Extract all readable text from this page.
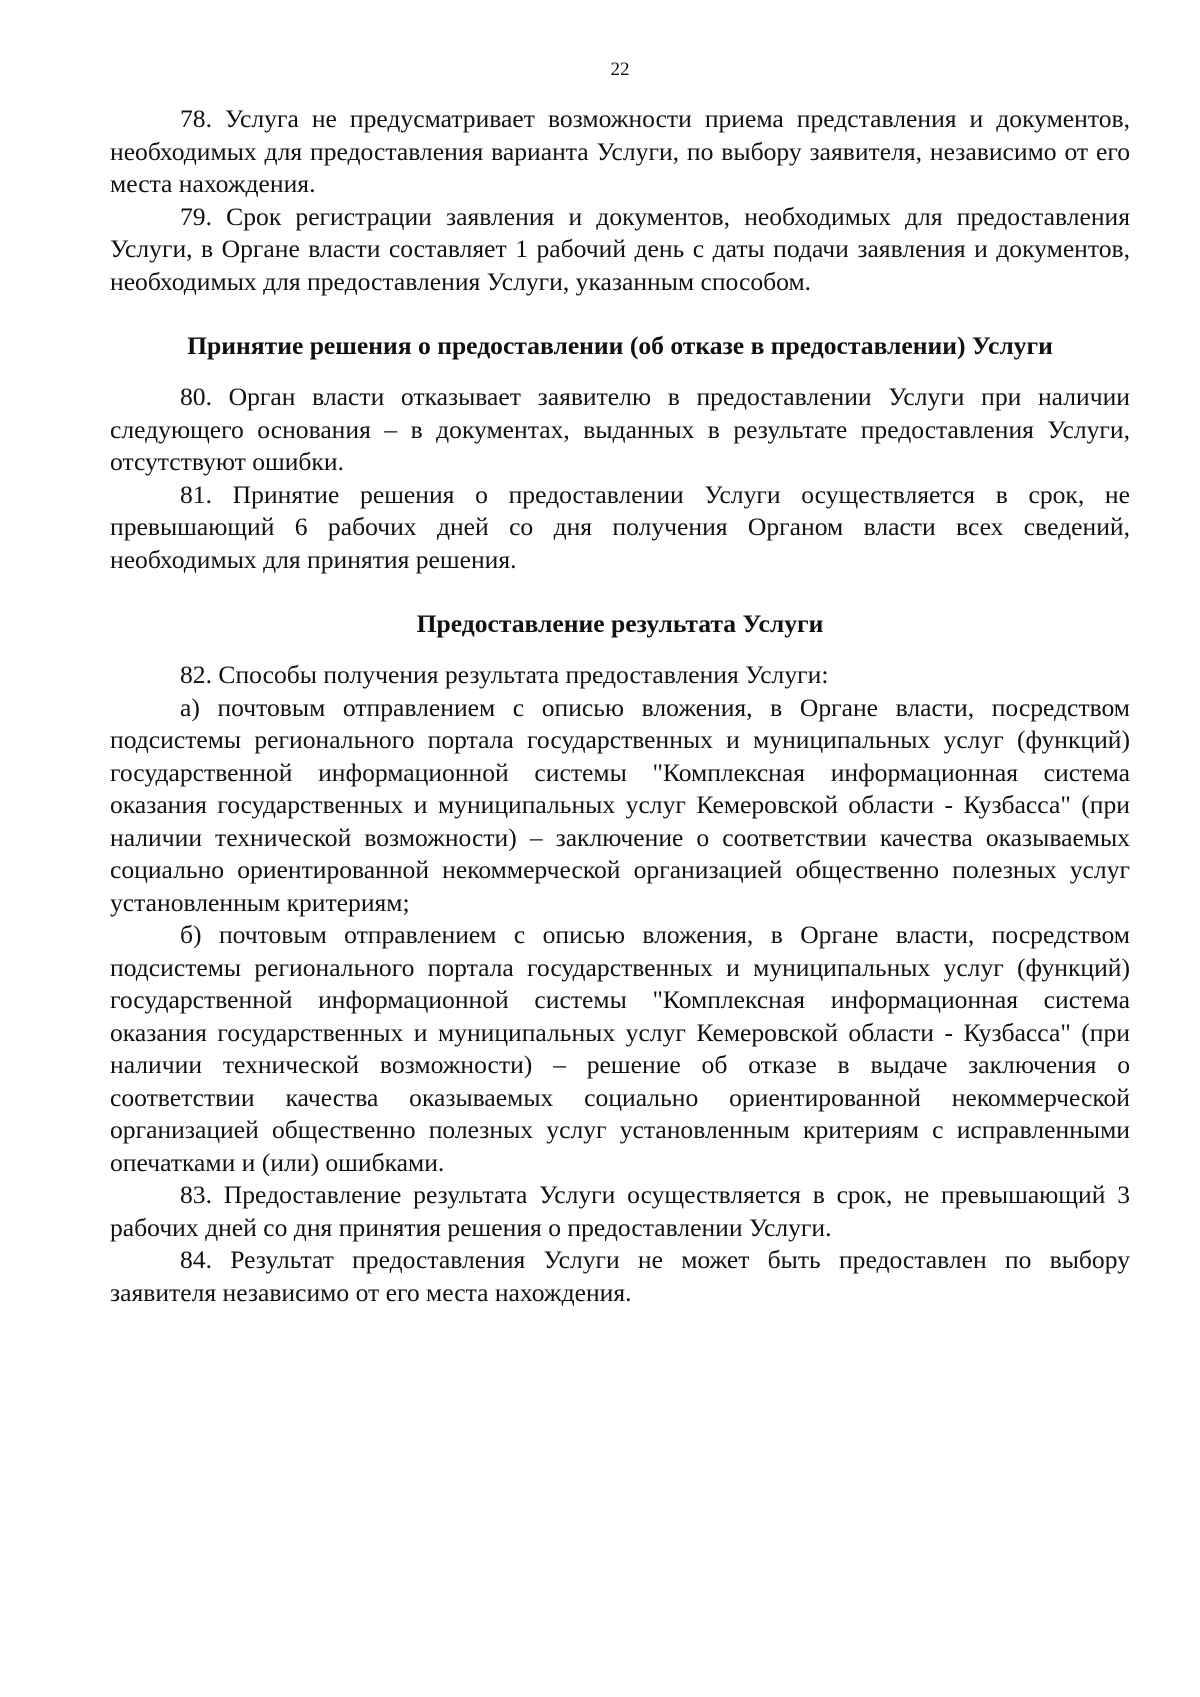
22

78. Услуга не предусматривает возможности приема представления и документов, необходимых для предоставления варианта Услуги, по выбору заявителя, независимо от его места нахождения.

79. Срок регистрации заявления и документов, необходимых для предоставления Услуги, в Органе власти составляет 1 рабочий день с даты подачи заявления и документов, необходимых для предоставления Услуги, указанным способом.

Принятие решения о предоставлении (об отказе в предоставлении) Услуги

80. Орган власти отказывает заявителю в предоставлении Услуги при наличии следующего основания – в документах, выданных в результате предоставления Услуги, отсутствуют ошибки.

81. Принятие решения о предоставлении Услуги осуществляется в срок, не превышающий 6 рабочих дней со дня получения Органом власти всех сведений, необходимых для принятия решения.

Предоставление результата Услуги

82. Способы получения результата предоставления Услуги:

а) почтовым отправлением с описью вложения, в Органе власти, посредством подсистемы регионального портала государственных и муниципальных услуг (функций) государственной информационной системы "Комплексная информационная система оказания государственных и муниципальных услуг Кемеровской области - Кузбасса" (при наличии технической возможности) – заключение о соответствии качества оказываемых социально ориентированной некоммерческой организацией общественно полезных услуг установленным критериям;

б) почтовым отправлением с описью вложения, в Органе власти, посредством подсистемы регионального портала государственных и муниципальных услуг (функций) государственной информационной системы "Комплексная информационная система оказания государственных и муниципальных услуг Кемеровской области - Кузбасса" (при наличии технической возможности) – решение об отказе в выдаче заключения о соответствии качества оказываемых социально ориентированной некоммерческой организацией общественно полезных услуг установленным критериям с исправленными опечатками и (или) ошибками.

83. Предоставление результата Услуги осуществляется в срок, не превышающий 3 рабочих дней со дня принятия решения о предоставлении Услуги.

84. Результат предоставления Услуги не может быть предоставлен по выбору заявителя независимо от его места нахождения.
